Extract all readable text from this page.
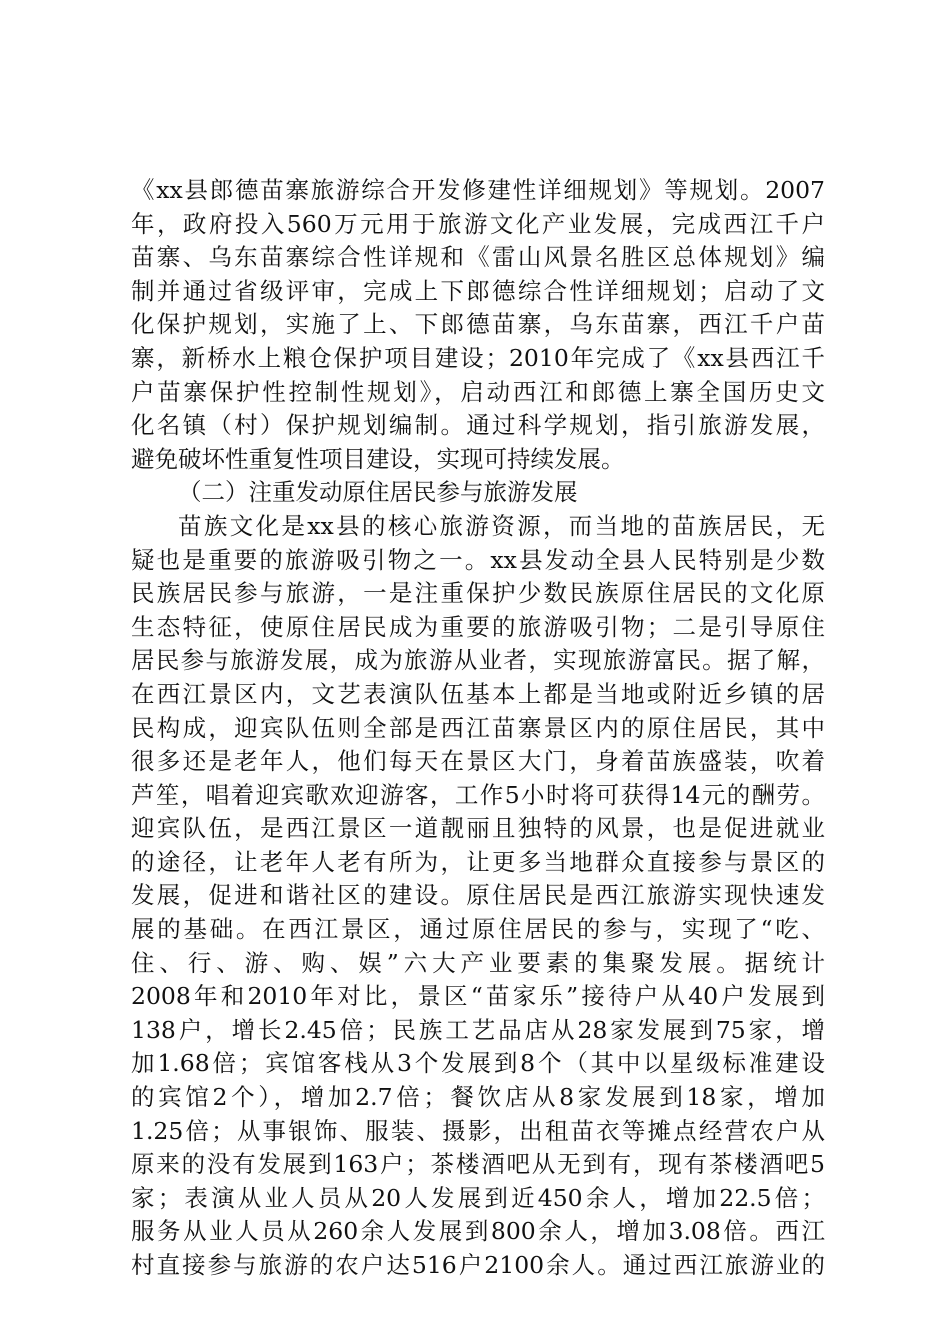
《xx县郎德苗寨旅游综合开发修建性详细规划》等规划。2007
年，政府投入560万元用于旅游文化产业发展，完成西江千户
苗寨、乌东苗寨综合性详规和《雷山风景名胜区总体规划》编
制并通过省级评审，完成上下郎德综合性详细规划；启动了文
化保护规划，实施了上、下郎德苗寨，乌东苗寨，西江千户苗
寨，新桥水上粮仓保护项目建设；2010年完成了《xx县西江千
户苗寨保护性控制性规划》，启动西江和郎德上寨全国历史文
化名镇（村）保护规划编制。通过科学规划，指引旅游发展，
避免破坏性重复性项目建设，实现可持续发展。
（二）注重发动原住居民参与旅游发展
苗族文化是xx县的核心旅游资源，而当地的苗族居民，无
疑也是重要的旅游吸引物之一。xx县发动全县人民特别是少数
民族居民参与旅游，一是注重保护少数民族原住居民的文化原
生态特征，使原住居民成为重要的旅游吸引物；二是引导原住
居民参与旅游发展，成为旅游从业者，实现旅游富民。据了解，
在西江景区内，文艺表演队伍基本上都是当地或附近乡镇的居
民构成，迎宾队伍则全部是西江苗寨景区内的原住居民，其中
很多还是老年人，他们每天在景区大门，身着苗族盛装，吹着
芦笙，唱着迎宾歌欢迎游客，工作5小时将可获得14元的酬劳。
迎宾队伍，是西江景区一道靓丽且独特的风景，也是促进就业
的途径，让老年人老有所为，让更多当地群众直接参与景区的
发展，促进和谐社区的建设。原住居民是西江旅游实现快速发
展的基础。在西江景区，通过原住居民的参与，实现了“吃、
住、行、游、购、娱”六大产业要素的集聚发展。据统计
2008年和2010年对比，景区“苗家乐”接待户从40户发展到
138户，增长2.45倍；民族工艺品店从28家发展到75家，增
加1.68倍；宾馆客栈从3个发展到8个（其中以星级标准建设
的宾馆2个），增加2.7倍；餐饮店从8家发展到18家，增加
1.25倍；从事银饰、服装、摄影，出租苗衣等摊点经营农户从
原来的没有发展到163户；茶楼酒吧从无到有，现有茶楼酒吧5
家；表演从业人员从20人发展到近450余人，增加22.5倍；
服务从业人员从260余人发展到800余人，增加3.08倍。西江
村直接参与旅游的农户达516户2100余人。通过西江旅游业的
